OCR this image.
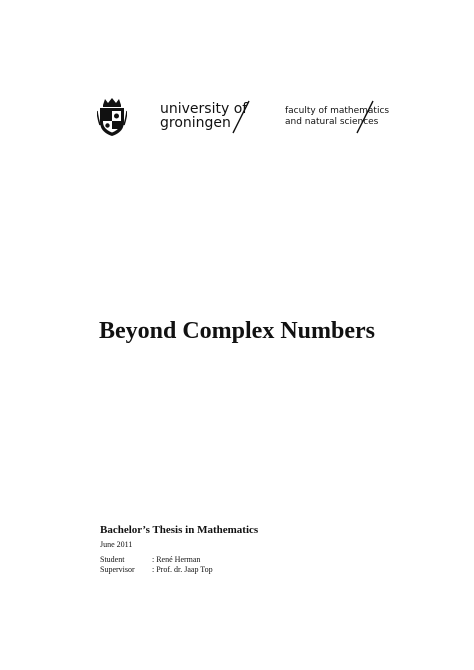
university of
groningen
faculty of mathematics
and natural sciences
Beyond Complex Numbers
Bachelor’s Thesis in Mathematics
June 2011
Student	: René Herman
Supervisor	: Prof. dr. Jaap Top
